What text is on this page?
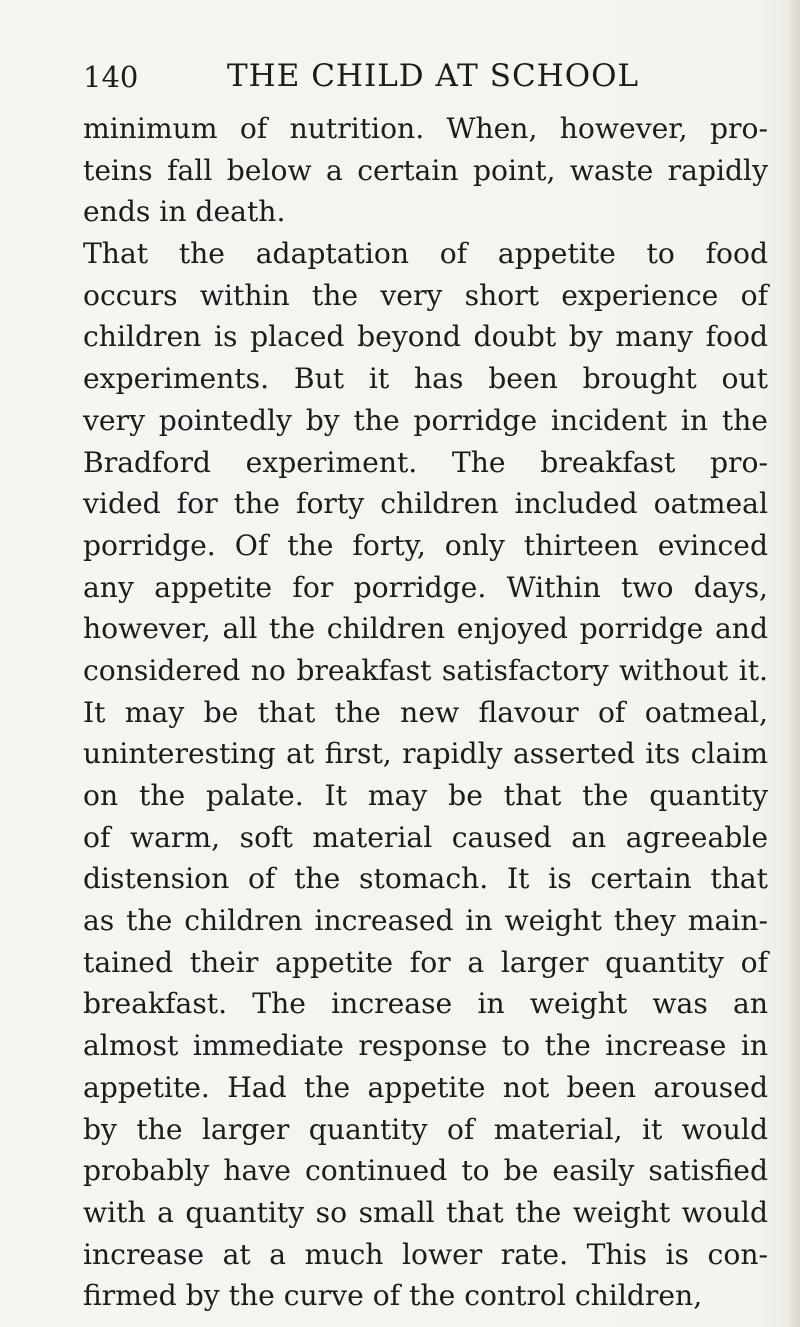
140	THE CHILD AT SCHOOL
minimum of nutrition. When, however, pro-
teins fall below a certain point, waste rapidly
ends in death.
That the adaptation of appetite to food
occurs within the very short experience of
children is placed beyond doubt by many food
experiments. But it has been brought out
very pointedly by the porridge incident in the
Bradford experiment. The breakfast pro-
vided for the forty children included oatmeal
porridge. Of the forty, only thirteen evinced
any appetite for porridge. Within two days,
however, all the children enjoyed porridge and
considered no breakfast satisfactory without it.
It may be that the new flavour of oatmeal,
uninteresting at first, rapidly asserted its claim
on the palate. It may be that the quantity
of warm, soft material caused an agreeable
distension of the stomach. It is certain that
as the children increased in weight they main-
tained their appetite for a larger quantity of
breakfast. The increase in weight was an
almost immediate response to the increase in
appetite. Had the appetite not been aroused
by the larger quantity of material, it would
probably have continued to be easily satisfied
with a quantity so small that the weight would
increase at a much lower rate. This is con-
firmed by the curve of the control children,
